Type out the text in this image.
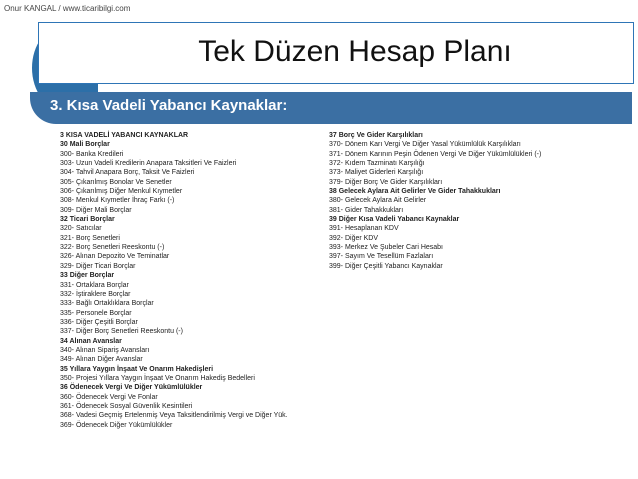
Onur KANGAL / www.ticaribilgi.com
Tek Düzen Hesap Planı
3. Kısa Vadeli Yabancı Kaynaklar:
3 KISA VADELİ YABANCI KAYNAKLAR
30 Mali Borçlar
300- Banka Kredileri
303- Uzun Vadeli Kredilerin Anapara Taksitleri Ve Faizleri
304- Tahvil Anapara Borç, Taksit Ve Faizleri
305- Çıkarılmış Bonolar Ve Senetler
306- Çıkarılmış Diğer Menkul Kıymetler
308- Menkul Kıymetler İhraç Farkı (-)
309- Diğer Mali Borçlar
32 Ticari Borçlar
320- Satıcılar
321- Borç Senetleri
322- Borç Senetleri Reeskontu (-)
326- Alınan Depozito Ve Teminatlar
329- Diğer Ticari Borçlar
33 Diğer Borçlar
331- Ortaklara Borçlar
332- İştiraklere Borçlar
333- Bağlı Ortaklıklara Borçlar
335- Personele Borçlar
336- Diğer Çeşitli Borçlar
337- Diğer Borç Senetleri Reeskontu (-)
34 Alınan Avanslar
340- Alınan Sipariş Avansları
349- Alınan Diğer Avanslar
35 Yıllara Yaygın İnşaat Ve Onarım Hakedişleri
350- Projesi Yıllara Yaygın İnşaat Ve Onarım Hakediş Bedelleri
36 Ödenecek Vergi Ve Diğer Yükümlülükler
360- Ödenecek Vergi Ve Fonlar
361- Ödenecek Sosyal Güvenlik Kesintileri
368- Vadesi Geçmiş Ertelenmiş Veya Taksitlendirilmiş Vergi ve Diğer Yük.
369- Ödenecek Diğer Yükümlülükler
37 Borç Ve Gider Karşılıkları
370- Dönem Karı Vergi Ve Diğer Yasal Yükümlülük Karşılıkları
371- Dönem Karının Peşin Ödenen Vergi Ve Diğer Yükümlülükleri (-)
372- Kıdem Tazminatı Karşılığı
373- Maliyet Giderleri Karşılığı
379- Diğer Borç Ve Gider Karşılıkları
38 Gelecek Aylara Ait Gelirler Ve Gider Tahakkukları
380- Gelecek Aylara Ait Gelirler
381- Gider Tahakkukları
39 Diğer Kısa Vadeli Yabancı Kaynaklar
391- Hesaplanan KDV
392- Diğer KDV
393- Merkez Ve Şubeler Cari Hesabı
397- Sayım Ve Tesellüm Fazlaları
399- Diğer Çeşitli Yabancı Kaynaklar
